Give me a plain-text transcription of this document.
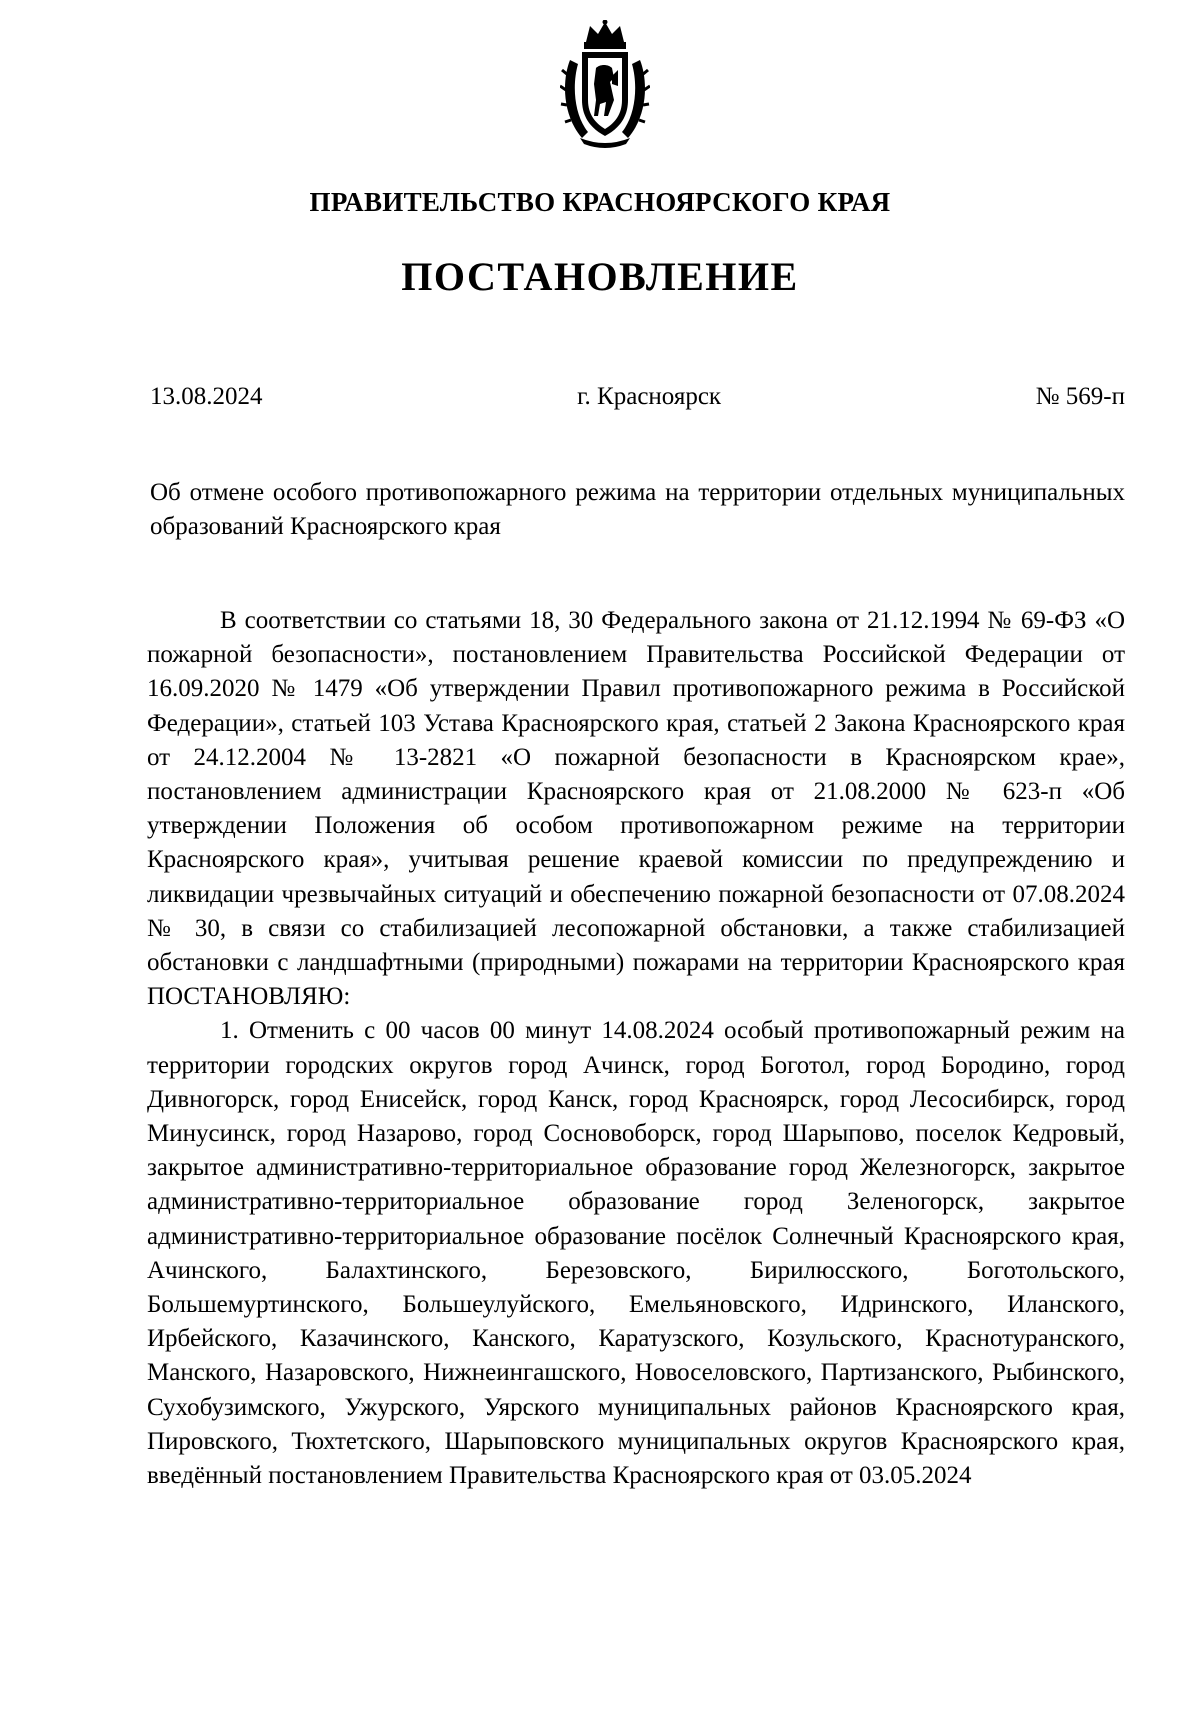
ПРАВИТЕЛЬСТВО КРАСНОЯРСКОГО КРАЯ
ПОСТАНОВЛЕНИЕ
13.08.2024	г. Красноярск	№ 569-п
Об отмене особого противопожарного режима на территории отдельных муниципальных образований Красноярского края

В соответствии со статьями 18, 30 Федерального закона от 21.12.1994 № 69-ФЗ «О пожарной безопасности», постановлением Правительства Российской Федерации от 16.09.2020 № 1479 «Об утверждении Правил противопожарного режима в Российской Федерации», статьей 103 Устава Красноярского края, статьей 2 Закона Красноярского края от 24.12.2004 № 13-2821 «О пожарной безопасности в Красноярском крае», постановлением администрации Красноярского края от 21.08.2000 № 623-п «Об утверждении Положения об особом противопожарном режиме на территории Красноярского края», учитывая решение краевой комиссии по предупреждению и ликвидации чрезвычайных ситуаций и обеспечению пожарной безопасности от 07.08.2024 № 30, в связи со стабилизацией лесопожарной обстановки, а также стабилизацией обстановки с ландшафтными (природными) пожарами на территории Красноярского края ПОСТАНОВЛЯЮ:

1. Отменить с 00 часов 00 минут 14.08.2024 особый противопожарный режим на территории городских округов город Ачинск, город Боготол, город Бородино, город Дивногорск, город Енисейск, город Канск, город Красноярск, город Лесосибирск, город Минусинск, город Назарово, город Сосновоборск, город Шарыпово, поселок Кедровый, закрытое административно-территориальное образование город Железногорск, закрытое административно-территориальное образование город Зеленогорск, закрытое административно-территориальное образование посёлок Солнечный Красноярского края, Ачинского, Балахтинского, Березовского, Бирилюсского, Боготольского, Большемуртинского, Большеулуйского, Емельяновского, Идринского, Иланского, Ирбейского, Казачинского, Канского, Каратузского, Козульского, Краснотуранского, Манского, Назаровского, Нижнеингашского, Новоселовского, Партизанского, Рыбинского, Сухобузимского, Ужурского, Уярского муниципальных районов Красноярского края, Пировского, Тюхтетского, Шарыповского муниципальных округов Красноярского края, введённый постановлением Правительства Красноярского края от 03.05.2024
